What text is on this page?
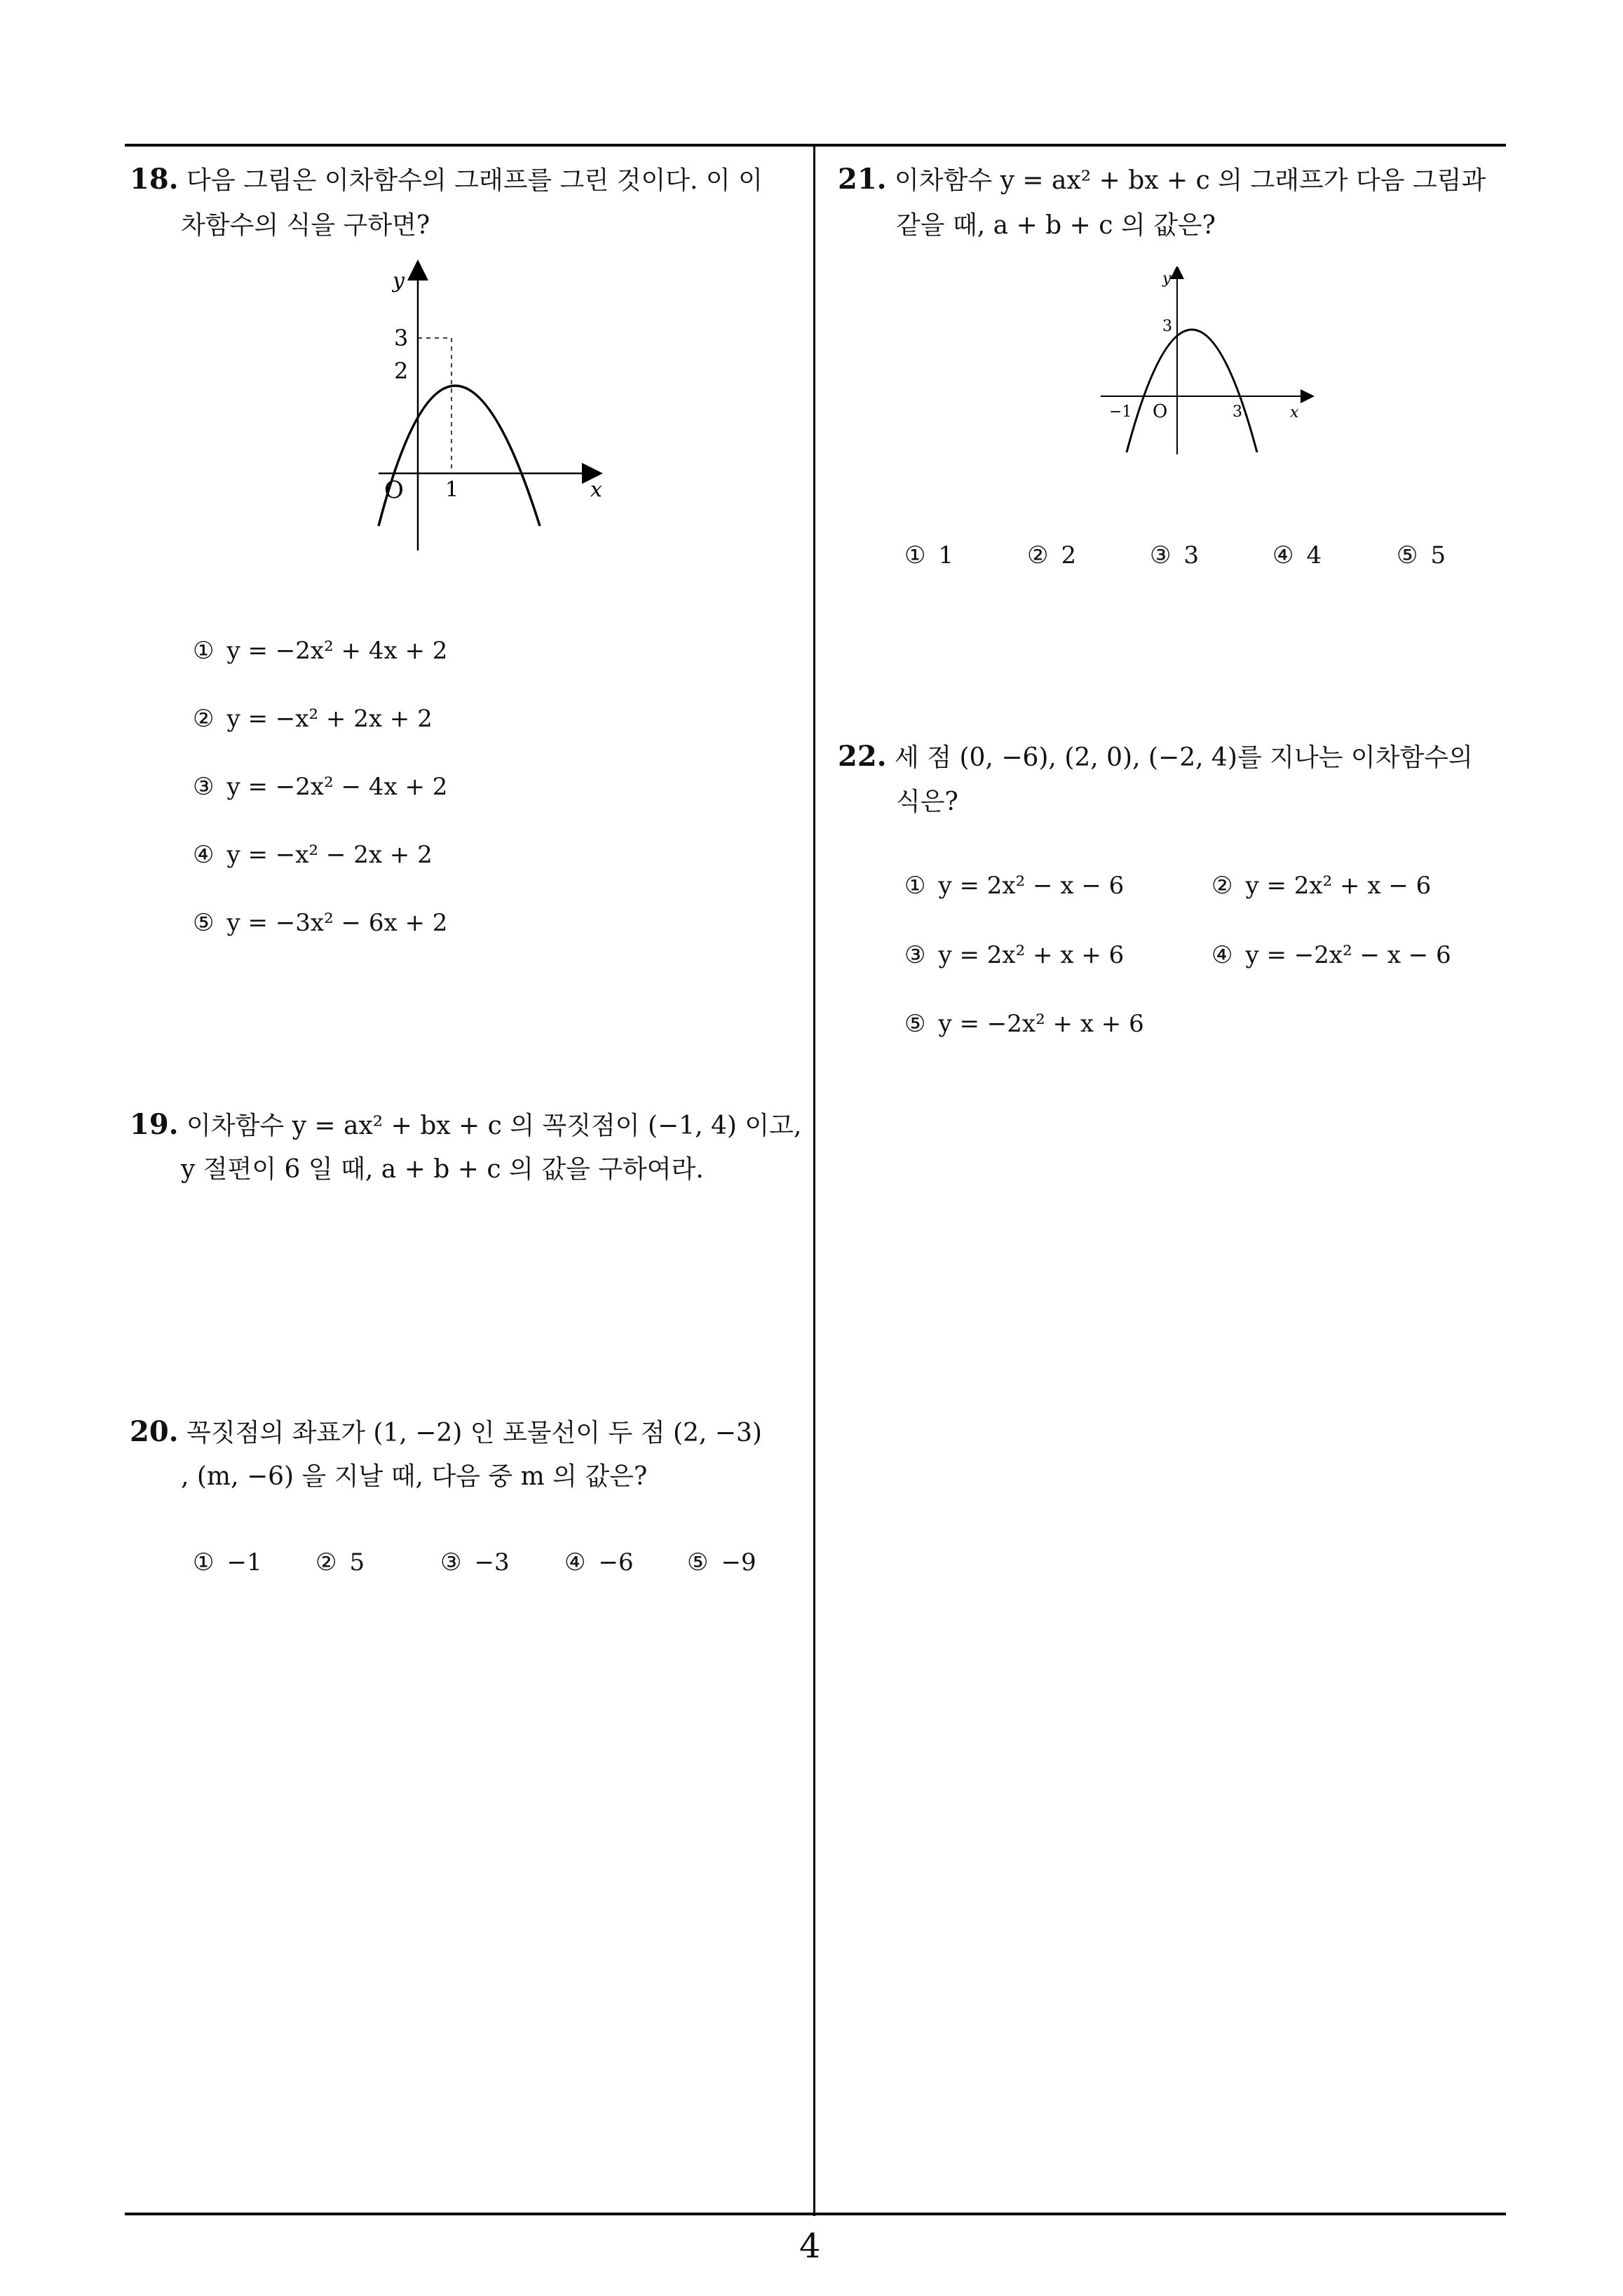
18. 다음 그림은 이차함수의 그래프를 그린 것이다. 이 이
차함수의 식을 구하면?
y
x
O
3
2
1
① y = −2x² + 4x + 2
② y = −x² + 2x + 2
③ y = −2x² − 4x + 2
④ y = −x² − 2x + 2
⑤ y = −3x² − 6x + 2
19. 이차함수 y = ax² + bx + c 의 꼭짓점이 (−1, 4) 이고,
y 절편이 6 일 때, a + b + c 의 값을 구하여라.
20. 꼭짓점의 좌표가 (1, −2) 인 포물선이 두 점 (2, −3)
, (m, −6) 을 지날 때, 다음 중 m 의 값은?
① −1 ② 5	③ −3 ④ −6 ⑤ −9
21. 이차함수 y = ax² + bx + c 의 그래프가 다음 그림과
같을 때, a + b + c 의 값은?
y
x
O
3
−1	3
① 1	② 2	③ 3	④ 4	⑤ 5
22. 세 점 (0, −6), (2, 0), (−2, 4)를 지나는 이차함수의
식은?
① y = 2x² − x − 6	② y = 2x² + x − 6
③ y = 2x² + x + 6	④ y = −2x² − x − 6
⑤ y = −2x² + x + 6
4
